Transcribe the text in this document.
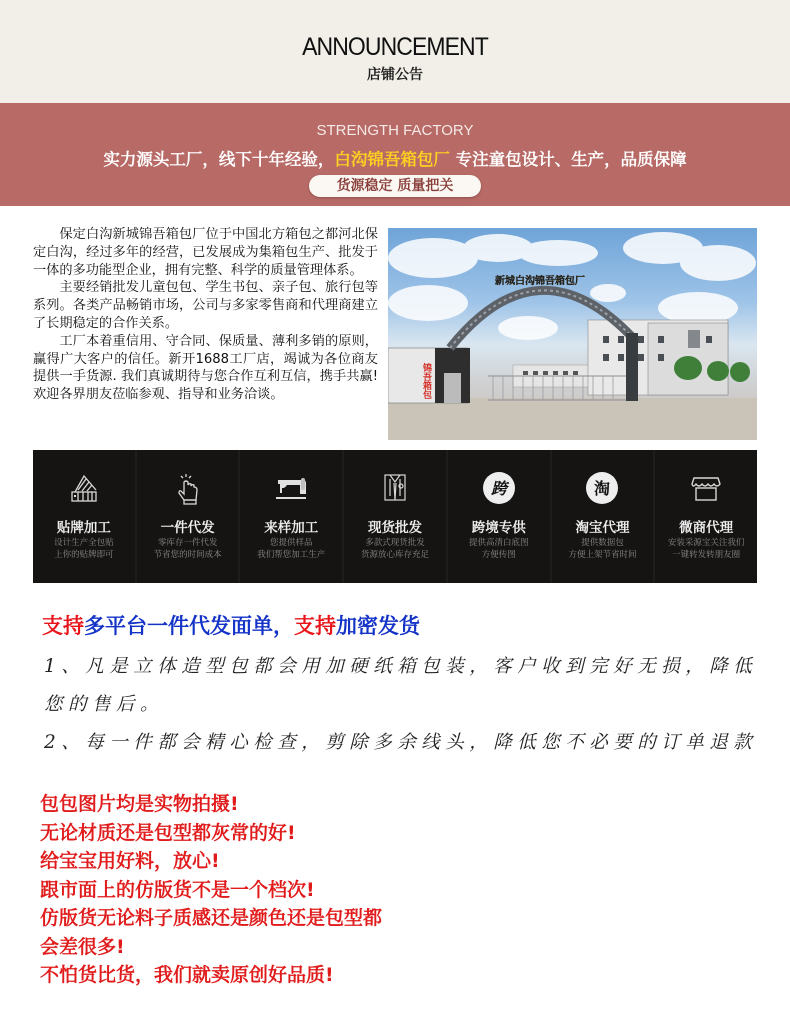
ANNOUNCEMENT
店铺公告
STRENGTH FACTORY
实力源头工厂，线下十年经验，白沟锦吾箱包厂 专注童包设计、生产，品质保障
货源稳定 质量把关

保定白沟新城锦吾箱包厂位于中国北方箱包之都河北保定白沟，经过多年的经营，已发展成为集箱包生产、批发于一体的多功能型企业，拥有完整、科学的质量管理体系。

主要经销批发儿童包包、学生书包、亲子包、旅行包等系列。各类产品畅销市场，公司与多家零售商和代理商建立了长期稳定的合作关系。

工厂本着重信用、守合同、保质量、薄利多销的原则，赢得广大客户的信任。新开1688工厂店，竭诚为各位商友提供一手货源. 我们真诚期待与您合作互利互信，携手共赢! 欢迎各界朋友莅临参观、指导和业务洽谈。

新城白沟锦吾箱包厂
锦吾箱包
贴牌加工
设计生产全包贴
上你的贴牌即可
一件代发
零库存一件代发
节省您的时间成本
来样加工
您提供样品
我们帮您加工生产
现货批发
多款式现货批发
货源放心库存充足
跨
跨境专供
提供高清白底图
方便传图
淘
淘宝代理
提供数据包
方便上架节省时间
微商代理
安装采源宝关注我们
一键转发转朋友圈
支持多平台一件代发面单，支持加密发货
1、凡是立体造型包都会用加硬纸箱包装，客户收到完好无损，降低
您的售后。
2、每一件都会精心检查，剪除多余线头，降低您不必要的订单退款
包包图片均是实物拍摄!
无论材质还是包型都灰常的好!
给宝宝用好料，放心!
跟市面上的仿版货不是一个档次!
仿版货无论料子质感还是颜色还是包型都
会差很多!
不怕货比货，我们就卖原创好品质!
